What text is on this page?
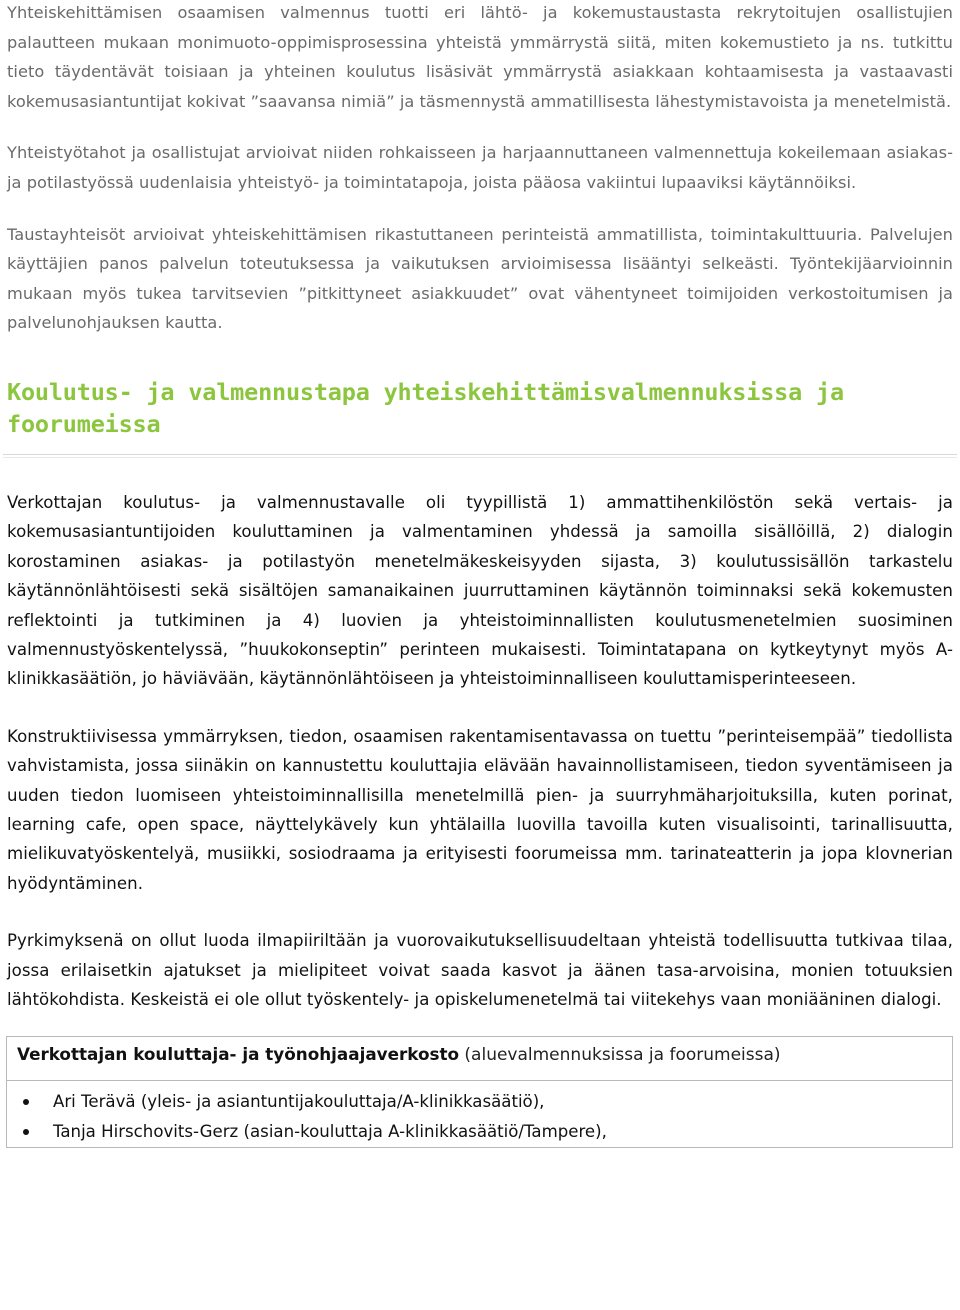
Yhteiskehittämisen osaamisen valmennus tuotti eri lähtö- ja kokemustaustasta rekrytoitujen osallistujien palautteen mukaan monimuoto-oppimisprosessina yhteistä ymmärrystä siitä, miten kokemustieto ja ns. tutkittu tieto täydentävät toisiaan ja yhteinen koulutus lisäsivät ymmärrystä asiakkaan kohtaamisesta ja vastaavasti kokemusasiantuntijat kokivat ”saavansa nimiä” ja täsmennystä ammatillisesta lähestymistavoista ja menetelmistä.

Yhteistyötahot ja osallistujat arvioivat niiden rohkaisseen ja harjaannuttaneen valmennettuja kokeilemaan asiakas- ja potilastyössä uudenlaisia yhteistyö- ja toimintatapoja, joista pääosa vakiintui lupaaviksi käytännöiksi.

Taustayhteisöt arvioivat yhteiskehittämisen rikastuttaneen perinteistä ammatillista, toimintakulttuuria. Palvelujen käyttäjien panos palvelun toteutuksessa ja vaikutuksen arvioimisessa lisääntyi selkeästi. Työntekijäarvioinnin mukaan myös tukea tarvitsevien ”pitkittyneet asiakkuudet” ovat vähentyneet toimijoiden verkostoitumisen ja palvelunohjauksen kautta.

Koulutus- ja valmennustapa yhteiskehittämisvalmennuksissa ja foorumeissa

Verkottajan koulutus- ja valmennustavalle oli tyypillistä 1) ammattihenkilöstön sekä vertais- ja kokemusasiantuntijoiden kouluttaminen ja valmentaminen yhdessä ja samoilla sisällöillä, 2) dialogin korostaminen asiakas- ja potilastyön menetelmäkeskeisyyden sijasta, 3) koulutussisällön tarkastelu käytännönlähtöisesti sekä sisältöjen samanaikainen juurruttaminen käytännön toiminnaksi sekä kokemusten reflektointi ja tutkiminen ja 4) luovien ja yhteistoiminnallisten koulutusmenetelmien suosiminen valmennustyöskentelyssä, ”huukokonseptin” perinteen mukaisesti. Toimintatapana on kytkeytynyt myös A-klinikkasäätiön, jo häviävään, käytännönlähtöiseen ja yhteistoiminnalliseen kouluttamisperinteeseen.

Konstruktiivisessa ymmärryksen, tiedon, osaamisen rakentamisentavassa on tuettu ”perinteisempää” tiedollista vahvistamista, jossa siinäkin on kannustettu kouluttajia elävään havainnollistamiseen, tiedon syventämiseen ja uuden tiedon luomiseen yhteistoiminnallisilla menetelmillä pien- ja suurryhmäharjoituksilla, kuten porinat, learning cafe, open space, näyttelykävely kun yhtälailla luovilla tavoilla kuten visualisointi, tarinallisuutta, mielikuvatyöskentelyä, musiikki, sosiodraama ja erityisesti foorumeissa mm. tarinateatterin ja jopa klovnerian hyödyntäminen.

Pyrkimyksenä on ollut luoda ilmapiiriltään ja vuorovaikutuksellisuudeltaan yhteistä todellisuutta tutkivaa tilaa, jossa erilaisetkin ajatukset ja mielipiteet voivat saada kasvot ja äänen tasa-arvoisina, monien totuuksien lähtökohdista. Keskeistä ei ole ollut työskentely- ja opiskelumenetelmä tai viitekehys vaan moniääninen dialogi.

Verkottajan kouluttaja- ja työnohjaajaverkosto (aluevalmennuksissa ja foorumeissa)
Ari Terävä (yleis- ja asiantuntijakouluttaja/A-klinikkasäätiö),
Tanja Hirschovits-Gerz (asian-kouluttaja A-klinikkasäätiö/Tampere),
